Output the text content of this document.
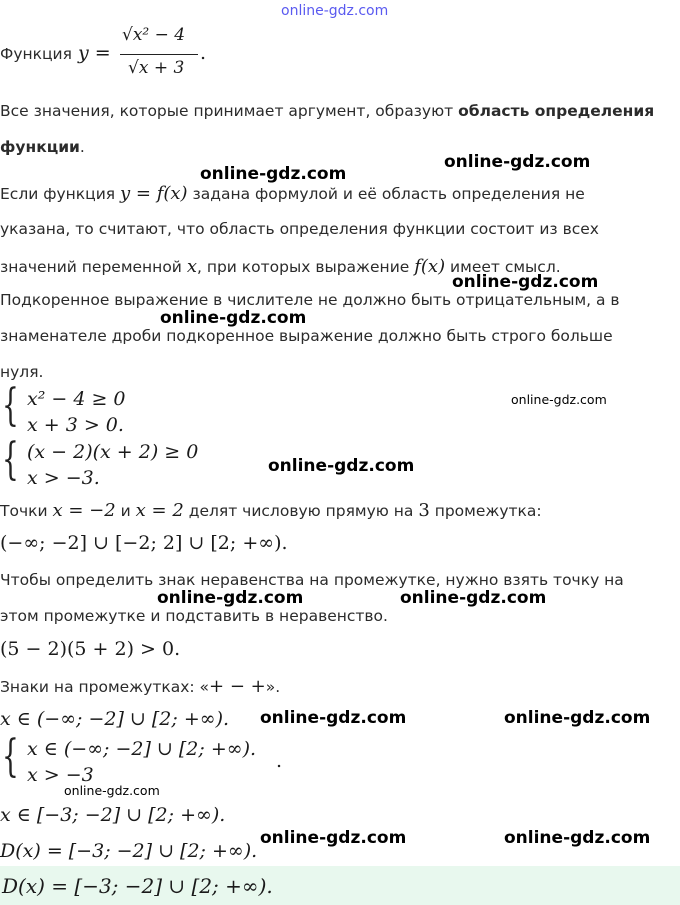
online-gdz.com
Функция y =
√x² − 4
√x + 3
.
Все значения, которые принимает аргумент, образуют область определения
функции.
Если функция y = f(x) задана формулой и её область определения не
указана, то считают, что область определения функции состоит из всех
значений переменной x, при которых выражение f(x) имеет смысл.
Подкоренное выражение в числителе не должно быть отрицательным, а в
знаменателе дроби подкоренное выражение должно быть строго больше
нуля.
{ x² − 4 ≥ 0
x + 3 > 0.
{ (x − 2)(x + 2) ≥ 0
x > −3.
Точки x = −2 и x = 2 делят числовую прямую на 3 промежутка:
(−∞; −2] ∪ [−2; 2] ∪ [2; +∞).
Чтобы определить знак неравенства на промежутке, нужно взять точку на
этом промежутке и подставить в неравенство.
(5 − 2)(5 + 2) > 0.
Знаки на промежутках: «+ − +».
x ∈ (−∞; −2] ∪ [2; +∞).
{ x ∈ (−∞; −2] ∪ [2; +∞).
x > −3
.
x ∈ [−3; −2] ∪ [2; +∞).
D(x) = [−3; −2] ∪ [2; +∞).
D(x) = [−3; −2] ∪ [2; +∞).
online-gdz.com
online-gdz.com
online-gdz.com
online-gdz.com
online-gdz.com
online-gdz.com
online-gdz.com	online-gdz.com
online-gdz.com	online-gdz.com
online-gdz.com
online-gdz.com	online-gdz.com
